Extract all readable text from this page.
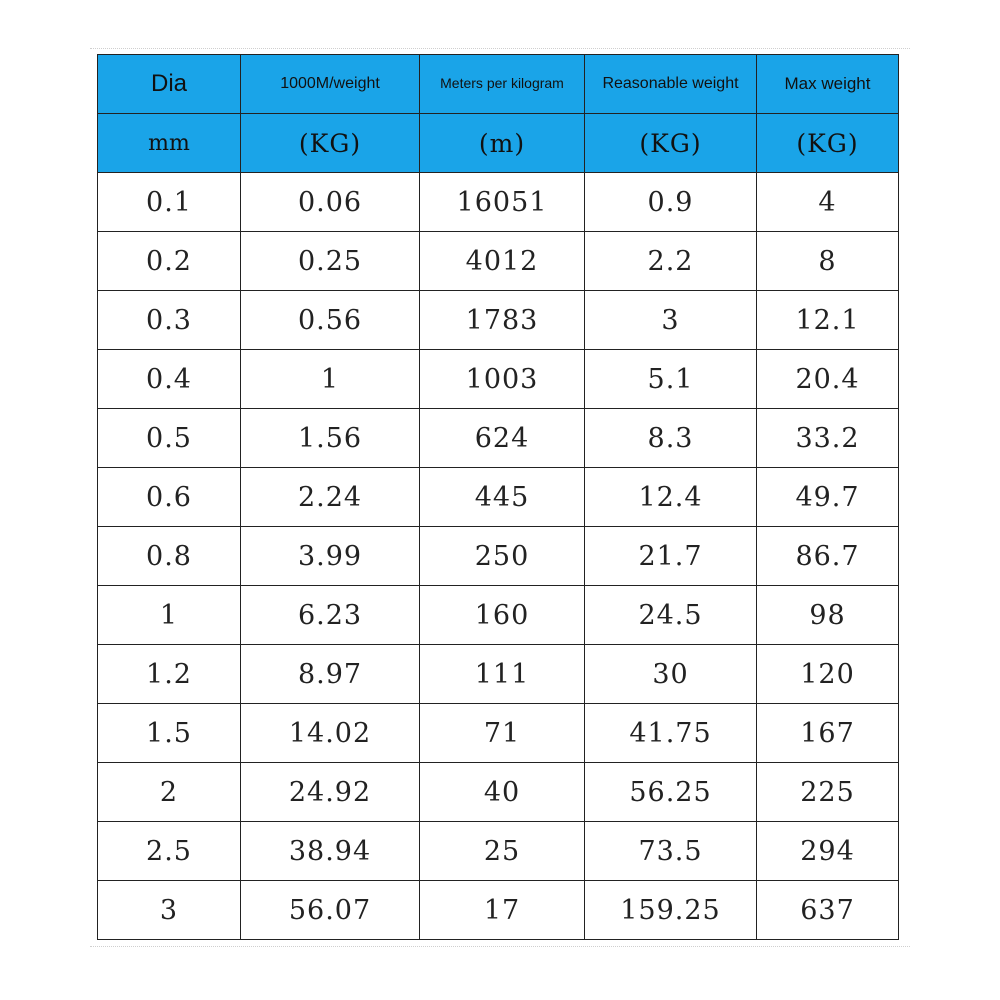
Dia	1000M/weight	Meters per kilogram	Reasonable weight	Max weight
mm	(KG)	(m)	(KG)	(KG)
0.1	0.06	16051	0.9	4
0.2	0.25	4012	2.2	8
0.3	0.56	1783	3	12.1
0.4	1	1003	5.1	20.4
0.5	1.56	624	8.3	33.2
0.6	2.24	445	12.4	49.7
0.8	3.99	250	21.7	86.7
1	6.23	160	24.5	98
1.2	8.97	111	30	120
1.5	14.02	71	41.75	167
2	24.92	40	56.25	225
2.5	38.94	25	73.5	294
3	56.07	17	159.25	637
